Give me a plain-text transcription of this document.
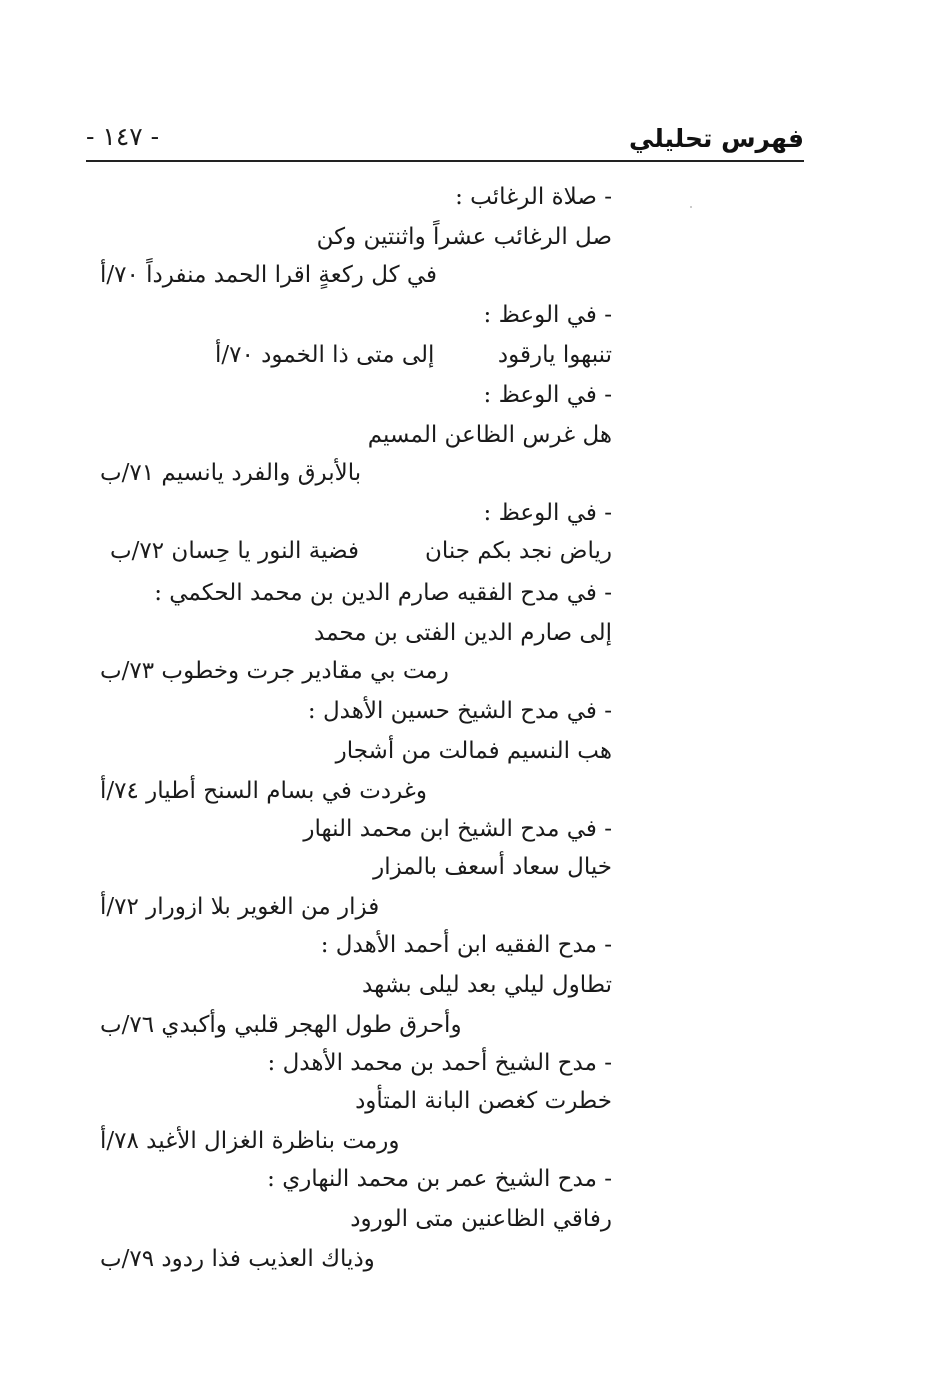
فهرس تحليلي
- ١٤٧ -
- صلاة الرغائب :
صل الرغائب عشراً واثنتين وكن
في كل ركعةٍ اقرا الحمد منفرداً ٧٠/أ
- في الوعظ :
تنبهوا يارقود
إلى متى ذا الخمود ٧٠/أ
- في الوعظ :
هل غرس الظاعن المسيم
بالأبرق والفرد يانسيم ٧١/ب
- في الوعظ :
رياض نجد بكم جنان
فضية النور يا حِسان ٧٢/ب
- في مدح الفقيه صارم الدين بن محمد الحكمي :
إلى صارم الدين الفتى بن محمد
رمت بي مقادير جرت وخطوب ٧٣/ب
- في مدح الشيخ حسين الأهدل :
هب النسيم فمالت من أشجار
وغردت في بسام السنح أطيار ٧٤/أ
- في مدح الشيخ ابن محمد النهار
خيال سعاد أسعف بالمزار
فزار من الغوير بلا ازورار ٧٢/أ
- مدح الفقيه ابن أحمد الأهدل :
تطاول ليلي بعد ليلى بشهد
وأحرق طول الهجر قلبي وأكبدي ٧٦/ب
- مدح الشيخ أحمد بن محمد الأهدل :
خطرت كغصن البانة المتأود
ورمت بناظرة الغزال الأغيد ٧٨/أ
- مدح الشيخ عمر بن محمد النهاري :
رفاقي الظاعنين متى الورود
وذياك العذيب فذا ردود ٧٩/ب
